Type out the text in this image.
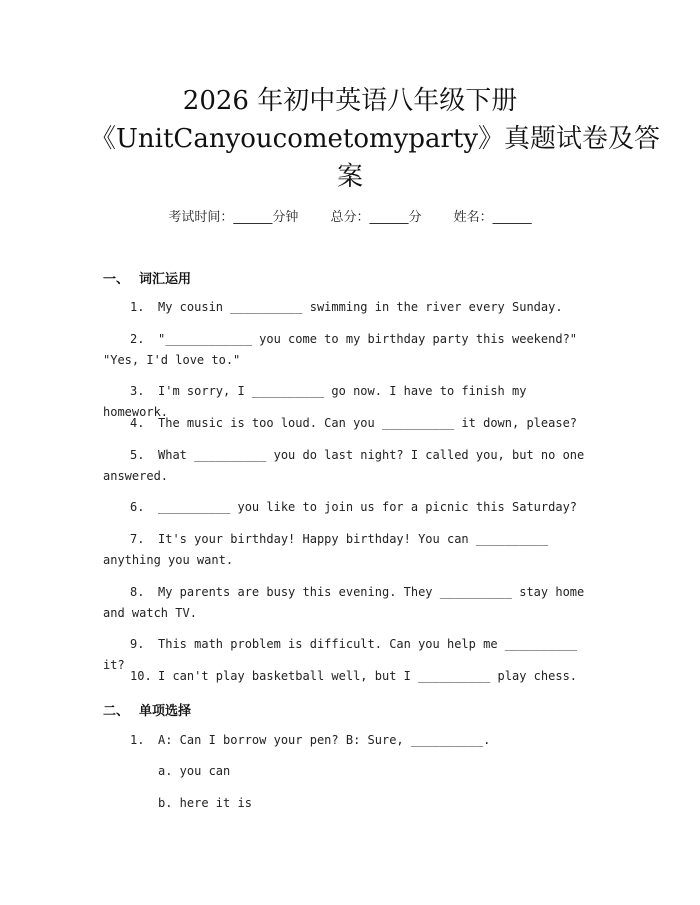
2026 年初中英语八年级下册
《UnitCanyoucometomyparty》真题试卷及答
案
考试时间：______分钟 总分：______分 姓名：______
一、 词汇运用
1. My cousin __________ swimming in the river every Sunday.
2. "____________ you come to my birthday party this weekend?" "Yes, I'd love to."
3. I'm sorry, I __________ go now. I have to finish my homework.
4. The music is too loud. Can you __________ it down, please?
5. What __________ you do last night? I called you, but no one answered.
6. __________ you like to join us for a picnic this Saturday?
7. It's your birthday! Happy birthday! You can __________ anything you want.
8. My parents are busy this evening. They __________ stay home and watch TV.
9. This math problem is difficult. Can you help me __________ it?
10. I can't play basketball well, but I __________ play chess.
二、 单项选择
1. A: Can I borrow your pen? B: Sure, __________.
a. you can
b. here it is
